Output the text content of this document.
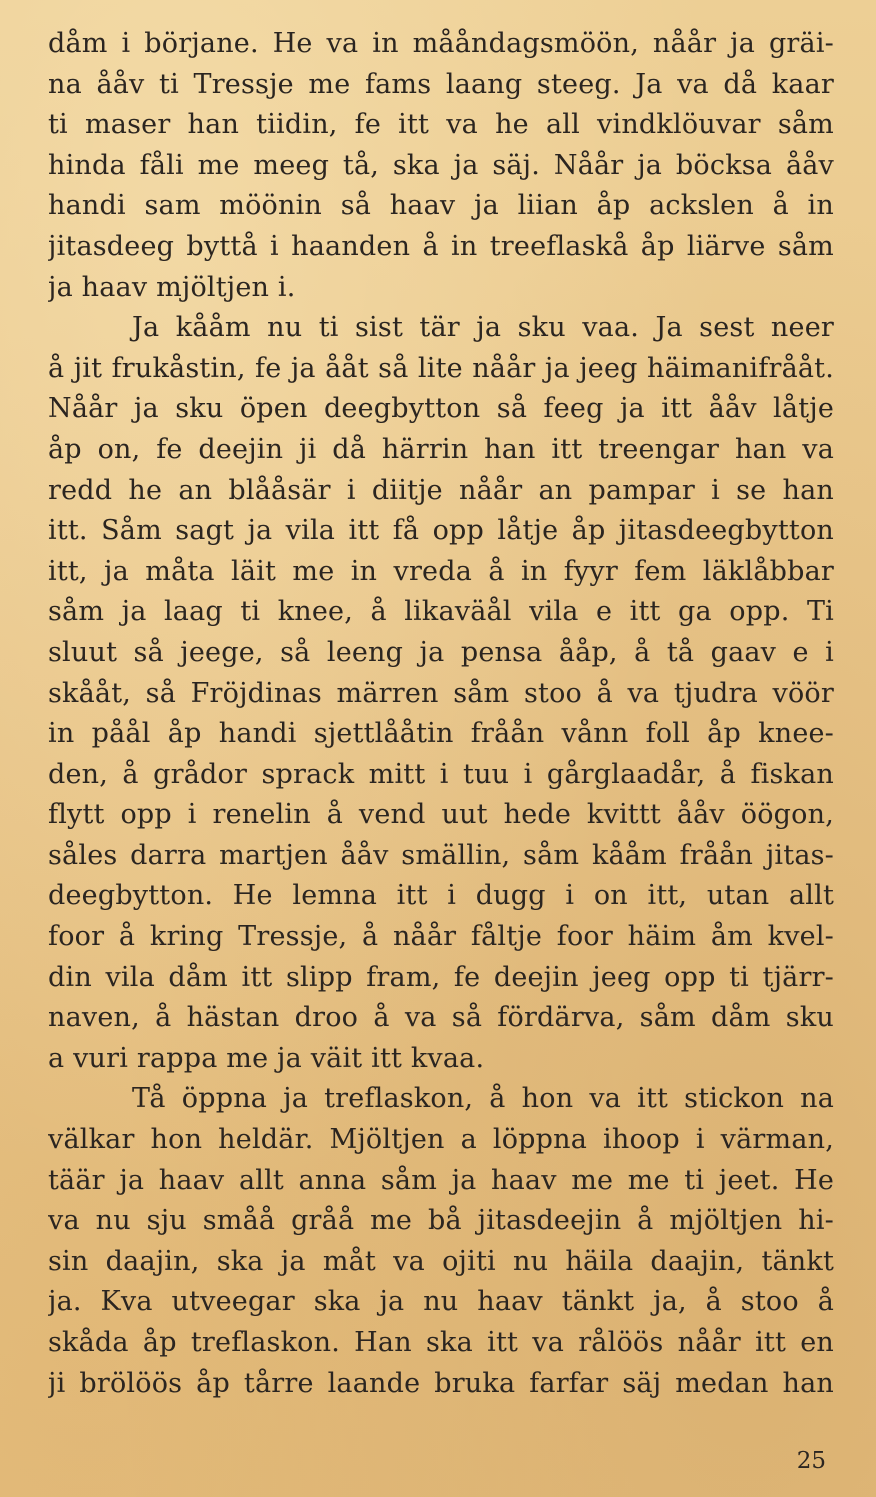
dåm i börjane. He va in mååndagsmöön, nåår ja gräi-
na ååv ti Tressje me fams laang steeg. Ja va då kaar
ti maser han tiidin, fe itt va he all vindklöuvar såm
hinda fåli me meeg tå, ska ja säj. Nåår ja böcksa ååv
handi sam möönin så haav ja liian åp ackslen å in
jitasdeeg byttå i haanden å in treeflaskå åp liärve såm
ja haav mjöltjen i.
Ja kååm nu ti sist tär ja sku vaa. Ja sest neer
å jit frukåstin, fe ja ååt så lite nåår ja jeeg häimanifrååt.
Nåår ja sku öpen deegbytton så feeg ja itt ååv låtje
åp on, fe deejin ji då härrin han itt treengar han va
redd he an blååsär i diitje nåår an pampar i se han
itt. Såm sagt ja vila itt få opp låtje åp jitasdeegbytton
itt, ja måta läit me in vreda å in fyyr fem läklåbbar
såm ja laag ti knee, å likaväål vila e itt ga opp. Ti
sluut så jeege, så leeng ja pensa ååp, å tå gaav e i
skååt, så Fröjdinas märren såm stoo å va tjudra vöör
in påål åp handi sjettlååtin fråån vånn foll åp knee-
den, å grådor sprack mitt i tuu i gårglaadår, å fiskan
flytt opp i renelin å vend uut hede kvittt ååv öögon,
såles darra martjen ååv smällin, såm kååm fråån jitas-
deegbytton. He lemna itt i dugg i on itt, utan allt
foor å kring Tressje, å nåår fåltje foor häim åm kvel-
din vila dåm itt slipp fram, fe deejin jeeg opp ti tjärr-
naven, å hästan droo å va så fördärva, såm dåm sku
a vuri rappa me ja väit itt kvaa.
Tå öppna ja treflaskon, å hon va itt stickon na
välkar hon heldär. Mjöltjen a löppna ihoop i värman,
täär ja haav allt anna såm ja haav me me ti jeet. He
va nu sju småå gråå me bå jitasdeejin å mjöltjen hi-
sin daajin, ska ja måt va ojiti nu häila daajin, tänkt
ja. Kva utveegar ska ja nu haav tänkt ja, å stoo å
skåda åp treflaskon. Han ska itt va rålöös nåår itt en
ji brölöös åp tårre laande bruka farfar säj medan han
25
